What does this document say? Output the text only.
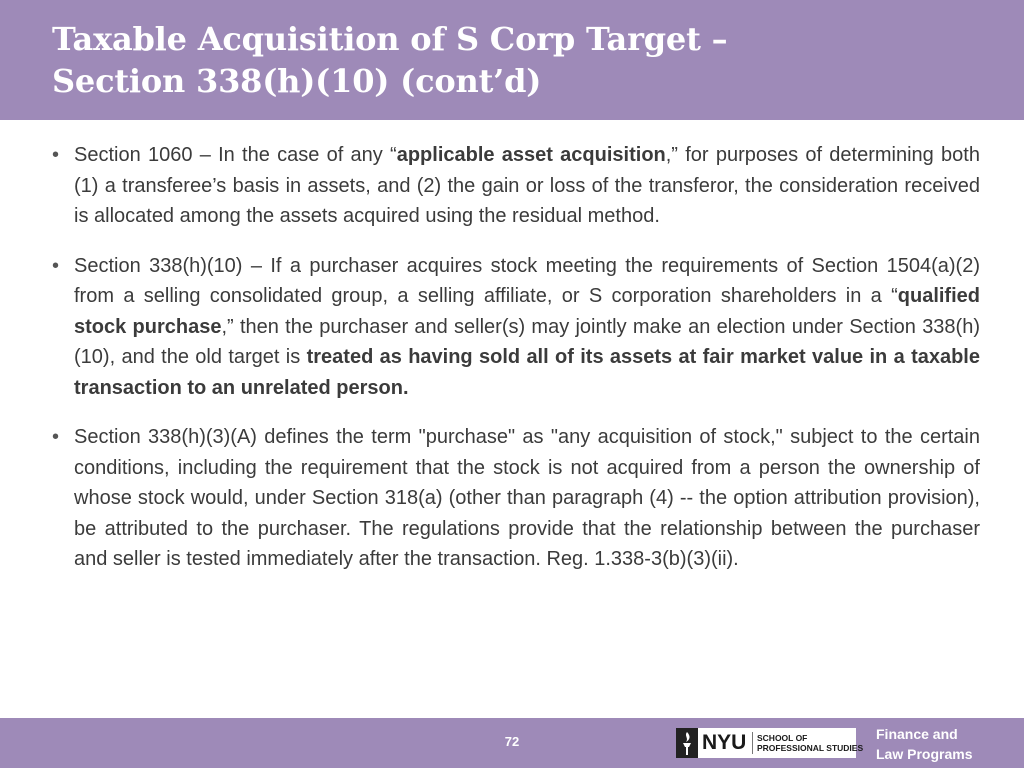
Taxable Acquisition of S Corp Target –
Section 338(h)(10) (cont’d)
• Section 1060 – In the case of any “applicable asset acquisition,” for purposes of determining both (1) a transferee’s basis in assets, and (2) the gain or loss of the transferor, the consideration received is allocated among the assets acquired using the residual method.
• Section 338(h)(10) – If a purchaser acquires stock meeting the requirements of Section 1504(a)(2) from a selling consolidated group, a selling affiliate, or S corporation shareholders in a “qualified stock purchase,” then the purchaser and seller(s) may jointly make an election under Section 338(h)(10), and the old target is treated as having sold all of its assets at fair market value in a taxable transaction to an unrelated person.
• Section 338(h)(3)(A) defines the term "purchase" as "any acquisition of stock," subject to the certain conditions, including the requirement that the stock is not acquired from a person the ownership of whose stock would, under Section 318(a) (other than paragraph (4) -- the option attribution provision), be attributed to the purchaser. The regulations provide that the relationship between the purchaser and seller is tested immediately after the transaction. Reg. 1.338-3(b)(3)(ii).
72	NYU SCHOOL OF
PROFESSIONAL STUDIES
Finance and
Law Programs
